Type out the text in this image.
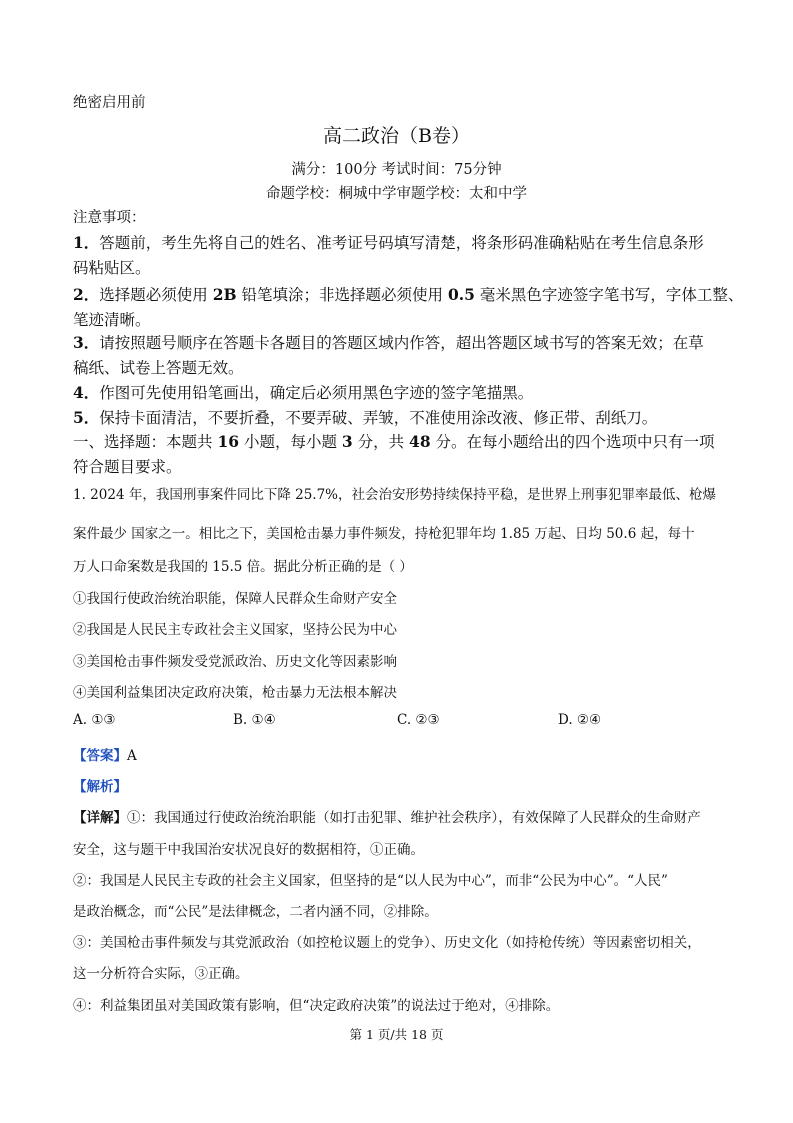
绝密启用前
高二政治（B卷）
满分：100分 考试时间：75分钟
命题学校：桐城中学审题学校：太和中学
注意事项：
1．答题前，考生先将自己的姓名、准考证号码填写清楚，将条形码准确粘贴在考生信息条形
码粘贴区。
2．选择题必须使用 2B 铅笔填涂；非选择题必须使用 0.5 毫米黑色字迹签字笔书写，字体工整、
笔迹清晰。
3．请按照题号顺序在答题卡各题目的答题区域内作答，超出答题区域书写的答案无效；在草
稿纸、试卷上答题无效。
4．作图可先使用铅笔画出，确定后必须用黑色字迹的签字笔描黑。
5．保持卡面清洁，不要折叠，不要弄破、弄皱，不准使用涂改液、修正带、刮纸刀。
一、选择题：本题共 16 小题，每小题 3 分，共 48 分。在每小题给出的四个选项中只有一项
符合题目要求。
1. 2024 年，我国刑事案件同比下降 25.7%，社会治安形势持续保持平稳，是世界上刑事犯罪率最低、枪爆
案件最少 国家之一。相比之下，美国枪击暴力事件频发，持枪犯罪年均 1.85 万起、日均 50.6 起，每十
万人口命案数是我国的 15.5 倍。据此分析正确的是（ ）
①我国行使政治统治职能，保障人民群众生命财产安全
②我国是人民民主专政社会主义国家，坚持公民为中心
③美国枪击事件频发受党派政治、历史文化等因素影响
④美国利益集团决定政府决策，枪击暴力无法根本解决
A. ①③	B. ①④	C. ②③	D. ②④
【答案】A
【解析】
【详解】①：我国通过行使政治统治职能（如打击犯罪、维护社会秩序），有效保障了人民群众的生命财产
安全，这与题干中我国治安状况良好的数据相符，①正确。
②：我国是人民民主专政的社会主义国家，但坚持的是“以人民为中心”，而非“公民为中心”。“人民”
是政治概念，而“公民”是法律概念，二者内涵不同，②排除。
③：美国枪击事件频发与其党派政治（如控枪议题上的党争）、历史文化（如持枪传统）等因素密切相关，
这一分析符合实际，③正确。
④：利益集团虽对美国政策有影响，但“决定政府决策”的说法过于绝对，④排除。
第 1 页/共 18 页
